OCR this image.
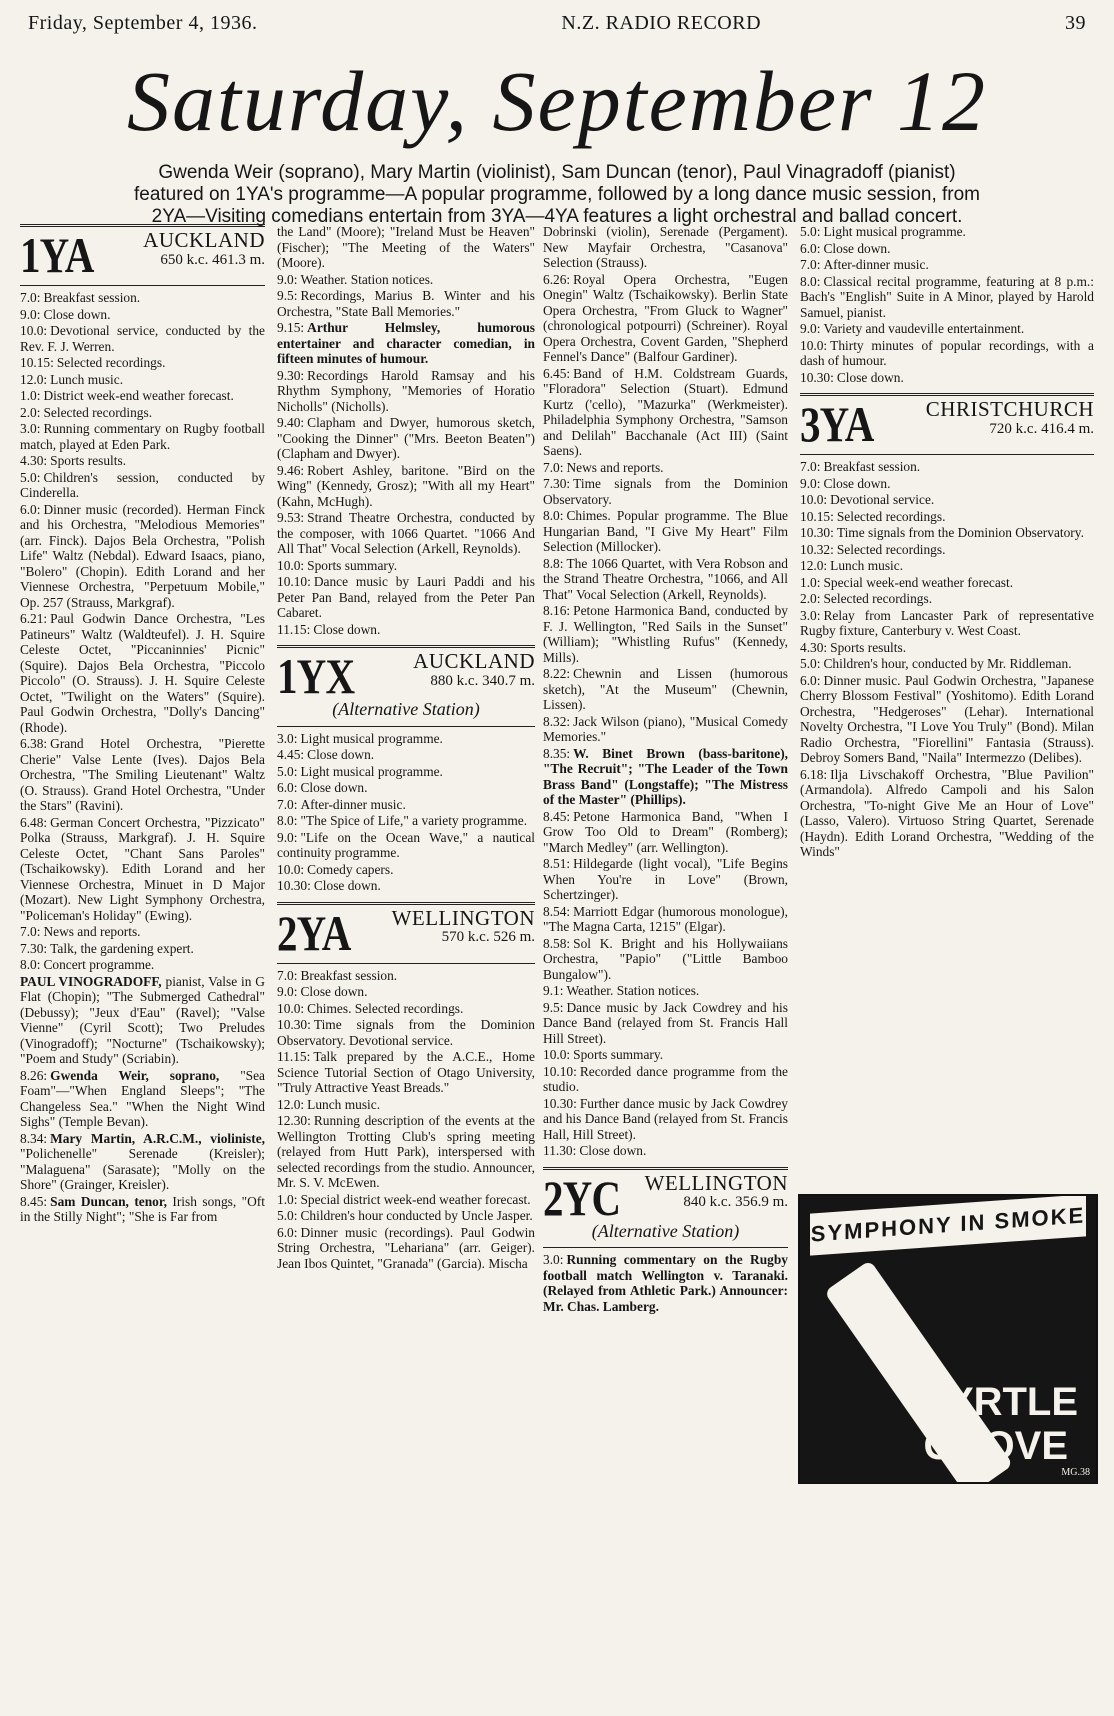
Friday, September 4, 1936.	N.Z. RADIO RECORD	39
Saturday, September 12
Gwenda Weir (soprano), Mary Martin (violinist), Sam Duncan (tenor), Paul Vinagradoff (pianist)
featured on 1YA's programme—A popular programme, followed by a long dance music session, from
2YA—Visiting comedians entertain from 3YA—4YA features a light orchestral and ballad concert.
1YA	AUCKLAND
650 k.c. 461.3 m.
7.0: Breakfast session.
9.0: Close down.
10.0: Devotional service, conducted by the Rev. F. J. Werren.
10.15: Selected recordings.
12.0: Lunch music.
1.0: District week-end weather forecast.
2.0: Selected recordings.
3.0: Running commentary on Rugby football match, played at Eden Park.
4.30: Sports results.
5.0: Children's session, conducted by Cinderella.
6.0: Dinner music (recorded). Herman Finck and his Orchestra, "Melodious Memories" (arr. Finck). Dajos Bela Orchestra, "Polish Life" Waltz (Nebdal). Edward Isaacs, piano, "Bolero" (Chopin). Edith Lorand and her Viennese Orchestra, "Perpetuum Mobile," Op. 257 (Strauss, Markgraf).
6.21: Paul Godwin Dance Orchestra, "Les Patineurs" Waltz (Waldteufel). J. H. Squire Celeste Octet, "Piccaninnies' Picnic" (Squire). Dajos Bela Orchestra, "Piccolo Piccolo" (O. Strauss). J. H. Squire Celeste Octet, "Twilight on the Waters" (Squire). Paul Godwin Orchestra, "Dolly's Dancing" (Rhode).
6.38: Grand Hotel Orchestra, "Pierette Cherie" Valse Lente (Ives). Dajos Bela Orchestra, "The Smiling Lieutenant" Waltz (O. Strauss). Grand Hotel Orchestra, "Under the Stars" (Ravini).
6.48: German Concert Orchestra, "Pizzicato" Polka (Strauss, Markgraf). J. H. Squire Celeste Octet, "Chant Sans Paroles" (Tschaikowsky). Edith Lorand and her Viennese Orchestra, Minuet in D Major (Mozart). New Light Symphony Orchestra, "Policeman's Holiday" (Ewing).
7.0: News and reports.
7.30: Talk, the gardening expert.
8.0: Concert programme.
PAUL VINOGRADOFF, pianist, Valse in G Flat (Chopin); "The Submerged Cathedral" (Debussy); "Jeux d'Eau" (Ravel); "Valse Vienne" (Cyril Scott); Two Preludes (Vinogradoff); "Nocturne" (Tschaikowsky); "Poem and Study" (Scriabin).
8.26: Gwenda Weir, soprano, "Sea Foam"—"When England Sleeps"; "The Changeless Sea." "When the Night Wind Sighs" (Temple Bevan).
8.34: Mary Martin, A.R.C.M., violiniste, "Polichenelle" Serenade (Kreisler); "Malaguena" (Sarasate); "Molly on the Shore" (Grainger, Kreisler).
8.45: Sam Duncan, tenor, Irish songs, "Oft in the Stilly Night"; "She is Far from
the Land" (Moore); "Ireland Must be Heaven" (Fischer); "The Meeting of the Waters" (Moore).
9.0: Weather. Station notices.
9.5: Recordings, Marius B. Winter and his Orchestra, "State Ball Memories."
9.15: Arthur Helmsley, humorous entertainer and character comedian, in fifteen minutes of humour.
9.30: Recordings Harold Ramsay and his Rhythm Symphony, "Memories of Horatio Nicholls" (Nicholls).
9.40: Clapham and Dwyer, humorous sketch, "Cooking the Dinner" ("Mrs. Beeton Beaten") (Clapham and Dwyer).
9.46: Robert Ashley, baritone. "Bird on the Wing" (Kennedy, Grosz); "With all my Heart" (Kahn, McHugh).
9.53: Strand Theatre Orchestra, conducted by the composer, with 1066 Quartet. "1066 And All That" Vocal Selection (Arkell, Reynolds).
10.0: Sports summary.
10.10: Dance music by Lauri Paddi and his Peter Pan Band, relayed from the Peter Pan Cabaret.
11.15: Close down.
1YX	AUCKLAND
880 k.c. 340.7 m.
(Alternative Station)
3.0: Light musical programme.
4.45: Close down.
5.0: Light musical programme.
6.0: Close down.
7.0: After-dinner music.
8.0: "The Spice of Life," a variety programme.
9.0: "Life on the Ocean Wave," a nautical continuity programme.
10.0: Comedy capers.
10.30: Close down.
2YA	WELLINGTON
570 k.c. 526 m.
7.0: Breakfast session.
9.0: Close down.
10.0: Chimes. Selected recordings.
10.30: Time signals from the Dominion Observatory. Devotional service.
11.15: Talk prepared by the A.C.E., Home Science Tutorial Section of Otago University, "Truly Attractive Yeast Breads."
12.0: Lunch music.
12.30: Running description of the events at the Wellington Trotting Club's spring meeting (relayed from Hutt Park), interspersed with selected recordings from the studio. Announcer, Mr. S. V. McEwen.
1.0: Special district week-end weather forecast.
5.0: Children's hour conducted by Uncle Jasper.
6.0: Dinner music (recordings). Paul Godwin String Orchestra, "Lehariana" (arr. Geiger). Jean Ibos Quintet, "Granada" (Garcia). Mischa
Dobrinski (violin), Serenade (Pergament). New Mayfair Orchestra, "Casanova" Selection (Strauss).
6.26: Royal Opera Orchestra, "Eugen Onegin" Waltz (Tschaikowsky). Berlin State Opera Orchestra, "From Gluck to Wagner" (chronological potpourri) (Schreiner). Royal Opera Orchestra, Covent Garden, "Shepherd Fennel's Dance" (Balfour Gardiner).
6.45: Band of H.M. Coldstream Guards, "Floradora" Selection (Stuart). Edmund Kurtz ('cello), "Mazurka" (Werkmeister). Philadelphia Symphony Orchestra, "Samson and Delilah" Bacchanale (Act III) (Saint Saens).
7.0: News and reports.
7.30: Time signals from the Dominion Observatory.
8.0: Chimes. Popular programme. The Blue Hungarian Band, "I Give My Heart" Film Selection (Millocker).
8.8: The 1066 Quartet, with Vera Robson and the Strand Theatre Orchestra, "1066, and All That" Vocal Selection (Arkell, Reynolds).
8.16: Petone Harmonica Band, conducted by F. J. Wellington, "Red Sails in the Sunset" (William); "Whistling Rufus" (Kennedy, Mills).
8.22: Chewnin and Lissen (humorous sketch), "At the Museum" (Chewnin, Lissen).
8.32: Jack Wilson (piano), "Musical Comedy Memories."
8.35: W. Binet Brown (bass-baritone), "The Recruit"; "The Leader of the Town Brass Band" (Longstaffe); "The Mistress of the Master" (Phillips).
8.45: Petone Harmonica Band, "When I Grow Too Old to Dream" (Romberg); "March Medley" (arr. Wellington).
8.51: Hildegarde (light vocal), "Life Begins When You're in Love" (Brown, Schertzinger).
8.54: Marriott Edgar (humorous monologue), "The Magna Carta, 1215" (Elgar).
8.58: Sol K. Bright and his Hollywaiians Orchestra, "Papio" ("Little Bamboo Bungalow").
9.1: Weather. Station notices.
9.5: Dance music by Jack Cowdrey and his Dance Band (relayed from St. Francis Hall Hill Street).
10.0: Sports summary.
10.10: Recorded dance programme from the studio.
10.30: Further dance music by Jack Cowdrey and his Dance Band (relayed from St. Francis Hall, Hill Street).
11.30: Close down.
2YC	WELLINGTON
840 k.c. 356.9 m.
(Alternative Station)
3.0: Running commentary on the Rugby football match Wellington v. Taranaki. (Relayed from Athletic Park.) Announcer: Mr. Chas. Lamberg.
5.0: Light musical programme.
6.0: Close down.
7.0: After-dinner music.
8.0: Classical recital programme, featuring at 8 p.m.: Bach's "English" Suite in A Minor, played by Harold Samuel, pianist.
9.0: Variety and vaudeville entertainment.
10.0: Thirty minutes of popular recordings, with a dash of humour.
10.30: Close down.
3YA	CHRISTCHURCH
720 k.c. 416.4 m.
7.0: Breakfast session.
9.0: Close down.
10.0: Devotional service.
10.15: Selected recordings.
10.30: Time signals from the Dominion Observatory.
10.32: Selected recordings.
12.0: Lunch music.
1.0: Special week-end weather forecast.
2.0: Selected recordings.
3.0: Relay from Lancaster Park of representative Rugby fixture, Canterbury v. West Coast.
4.30: Sports results.
5.0: Children's hour, conducted by Mr. Riddleman.
6.0: Dinner music. Paul Godwin Orchestra, "Japanese Cherry Blossom Festival" (Yoshitomo). Edith Lorand Orchestra, "Hedgeroses" (Lehar). International Novelty Orchestra, "I Love You Truly" (Bond). Milan Radio Orchestra, "Fiorellini" Fantasia (Strauss). Debroy Somers Band, "Naila" Intermezzo (Delibes).
6.18: Ilja Livschakoff Orchestra, "Blue Pavilion" (Armandola). Alfredo Campoli and his Salon Orchestra, "To-night Give Me an Hour of Love" (Lasso, Valero). Virtuoso String Quartet, Serenade (Haydn). Edith Lorand Orchestra, "Wedding of the Winds"
SYMPHONY IN SMOKE
MYRTLE
GROVE
MG.38
